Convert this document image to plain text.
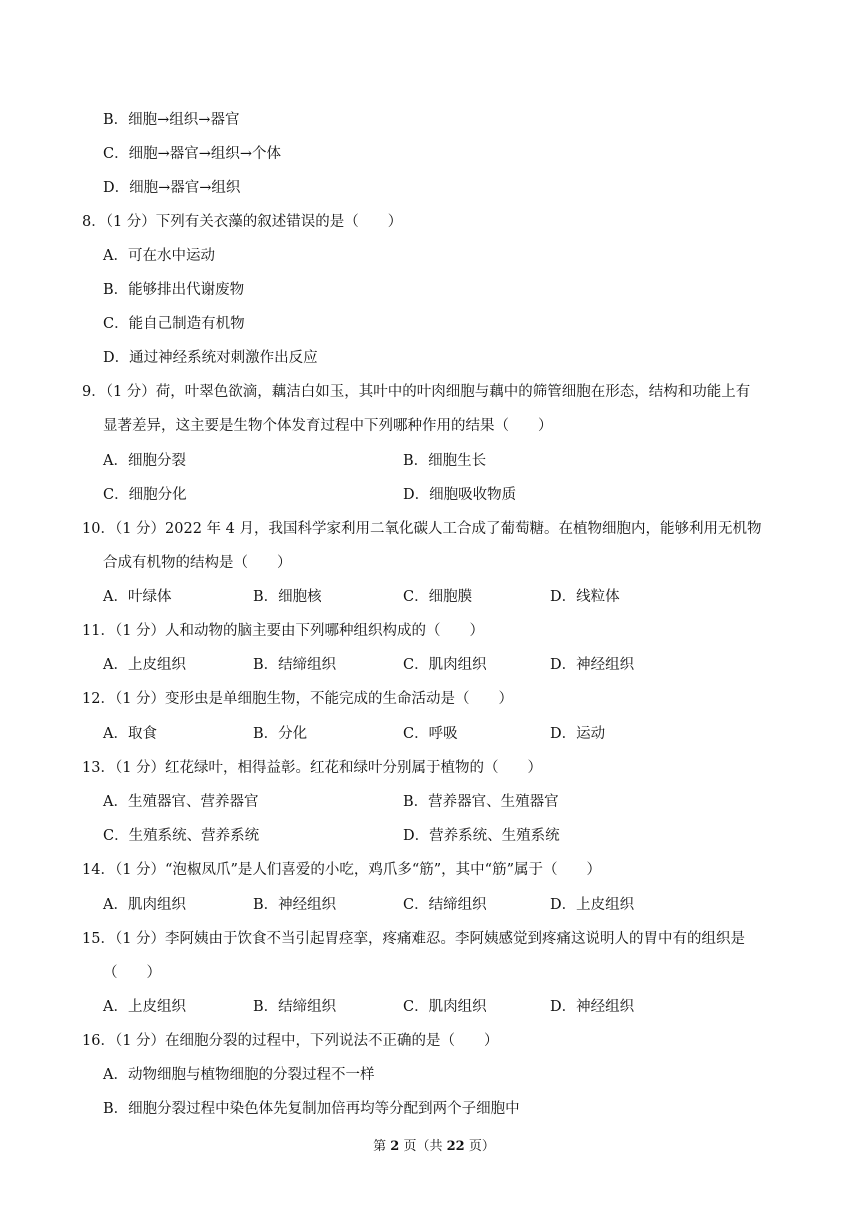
B．细胞→组织→器官
C．细胞→器官→组织→个体
D．细胞→器官→组织
8．（1 分）下列有关衣藻的叙述错误的是（　　）
A．可在水中运动
B．能够排出代谢废物
C．能自己制造有机物
D．通过神经系统对刺激作出反应
9．（1 分）荷，叶翠色欲滴，藕洁白如玉，其叶中的叶肉细胞与藕中的筛管细胞在形态，结构和功能上有
显著差异，这主要是生物个体发育过程中下列哪种作用的结果（　　）
A．细胞分裂	B．细胞生长
C．细胞分化	D．细胞吸收物质
10．（1 分）2022 年 4 月，我国科学家利用二氧化碳人工合成了葡萄糖。在植物细胞内，能够利用无机物
合成有机物的结构是（　　）
A．叶绿体	B．细胞核	C．细胞膜	D．线粒体
11．（1 分）人和动物的脑主要由下列哪种组织构成的（　　）
A．上皮组织	B．结缔组织	C．肌肉组织	D．神经组织
12．（1 分）变形虫是单细胞生物，不能完成的生命活动是（　　）
A．取食	B．分化	C．呼吸	D．运动
13．（1 分）红花绿叶，相得益彰。红花和绿叶分别属于植物的（　　）
A．生殖器官、营养器官	B．营养器官、生殖器官
C．生殖系统、营养系统	D．营养系统、生殖系统
14．（1 分）“泡椒凤爪”是人们喜爱的小吃，鸡爪多“筋”，其中“筋”属于（　　）
A．肌肉组织	B．神经组织	C．结缔组织	D．上皮组织
15．（1 分）李阿姨由于饮食不当引起胃痉挛，疼痛难忍。李阿姨感觉到疼痛这说明人的胃中有的组织是
（　　）
A．上皮组织	B．结缔组织	C．肌肉组织	D．神经组织
16．（1 分）在细胞分裂的过程中，下列说法不正确的是（　　）
A．动物细胞与植物细胞的分裂过程不一样
B．细胞分裂过程中染色体先复制加倍再均等分配到两个子细胞中
第 2 页（共 22 页）
